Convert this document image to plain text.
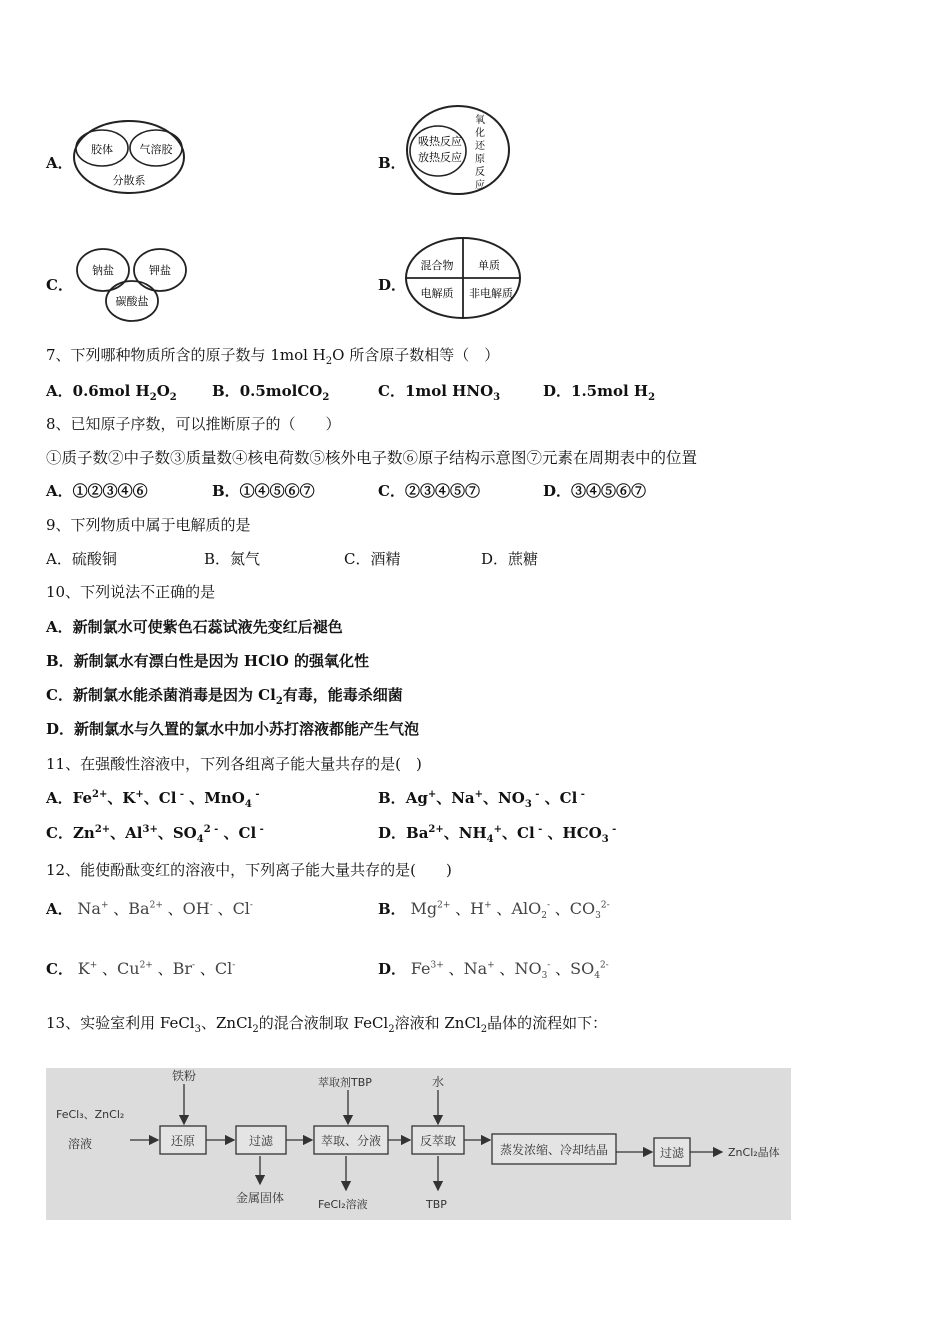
A．
胶体 气溶胶
分散系
B．
吸热反应
放热反应
氧
化
还
原
反
应
C．
钠盐	钾盐
碳酸盐
D．
混合物 单质
电解质 非电解质
7、下列哪种物质所含的原子数与 1mol $H_2O$ 所含原子数相等（　）
A．0.6mol $H_2O_2$ B．0.5molCO$_2$	C．1mol $HNO_3$	D．1.5mol $H_2$
8、已知原子序数，可以推断原子的（　　）
①质子数②中子数③质量数④核电荷数⑤核外电子数⑥原子结构示意图⑦元素在周期表中的位置
A．①②③④⑥	B．①④⑤⑥⑦	C．②③④⑤⑦	D．③④⑤⑥⑦
9、下列物质中属于电解质的是
A．硫酸铜	B．氮气	C．酒精	D．蔗糖
10、下列说法不正确的是
A．新制氯水可使紫色石蕊试液先变红后褪色
B．新制氯水有漂白性是因为 HClO 的强氧化性
C．新制氯水能杀菌消毒是因为 $Cl_2$有毒，能毒杀细菌
D．新制氯水与久置的氯水中加小苏打溶液都能产生气泡
11、在强酸性溶液中，下列各组离子能大量共存的是(　)
A．$Fe^{2+}$、K+、Cl - 、MnO$_4$ -	B．Ag+、Na+、$NO_3$ - 、Cl -
C．$Zn^{2+}$、$Al^{3+}$、$SO_4^{2 -}$ 、Cl -	D．$Ba^{2+}$、$NH_4^+$、Cl - 、$HCO_3$ -
12、能使酚酞变红的溶液中，下列离子能大量共存的是(　　)
A． Na+ 、$Ba^{2+}$ 、OH- 、Cl-	B． $Mg^{2+}$ 、H+ 、AlO$_2$- 、$CO_3^{2-}$
C． K+ 、$Cu^{2+}$ 、Br- 、Cl-	D． $Fe^{3+}$ 、Na+ 、$NO_3^-$ 、$SO_4^{2-}$
13、实验室利用 FeCl$_3$、ZnCl$_2$的混合液制取 FeCl$_2$溶液和 ZnCl$_2$晶体的流程如下：
FeCl₃、ZnCl₂
溶液
铁粉
还原	过滤
金属固体
萃取剂TBP
萃取、分液
FeCl₂溶液
水
反萃取
TBP
蒸发浓缩、冷却结晶	过滤	ZnCl₂晶体
